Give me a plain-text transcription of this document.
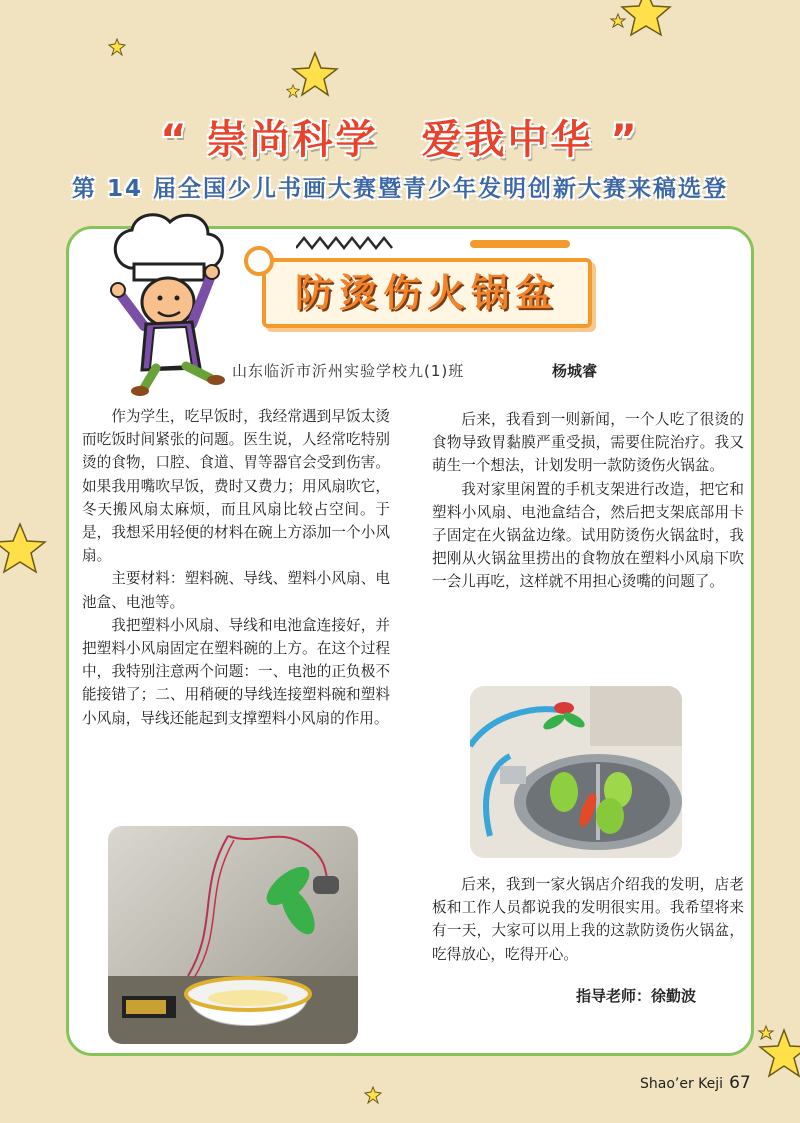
“ 崇尚科学　爱我中华 ”
第 14 届全国少儿书画大赛暨青少年发明创新大赛来稿选登
防烫伤火锅盆
山东临沂市沂州实验学校九(1)班	杨城睿

作为学生，吃早饭时，我经常遇到早饭太烫而吃饭时间紧张的问题。医生说，人经常吃特别烫的食物，口腔、食道、胃等器官会受到伤害。如果我用嘴吹早饭，费时又费力；用风扇吹它，冬天搬风扇太麻烦，而且风扇比较占空间。于是，我想采用轻便的材料在碗上方添加一个小风扇。

主要材料：塑料碗、导线、塑料小风扇、电池盒、电池等。

我把塑料小风扇、导线和电池盒连接好，并把塑料小风扇固定在塑料碗的上方。在这个过程中，我特别注意两个问题：一、电池的正负极不能接错了；二、用稍硬的导线连接塑料碗和塑料小风扇，导线还能起到支撑塑料小风扇的作用。

后来，我看到一则新闻，一个人吃了很烫的食物导致胃黏膜严重受损，需要住院治疗。我又萌生一个想法，计划发明一款防烫伤火锅盆。

我对家里闲置的手机支架进行改造，把它和塑料小风扇、电池盒结合，然后把支架底部用卡子固定在火锅盆边缘。试用防烫伤火锅盆时，我把刚从火锅盆里捞出的食物放在塑料小风扇下吹一会儿再吃，这样就不用担心烫嘴的问题了。

后来，我到一家火锅店介绍我的发明，店老板和工作人员都说我的发明很实用。我希望将来有一天，大家可以用上我的这款防烫伤火锅盆，吃得放心，吃得开心。

指导老师：徐勤波
Shao’er Keji 67
